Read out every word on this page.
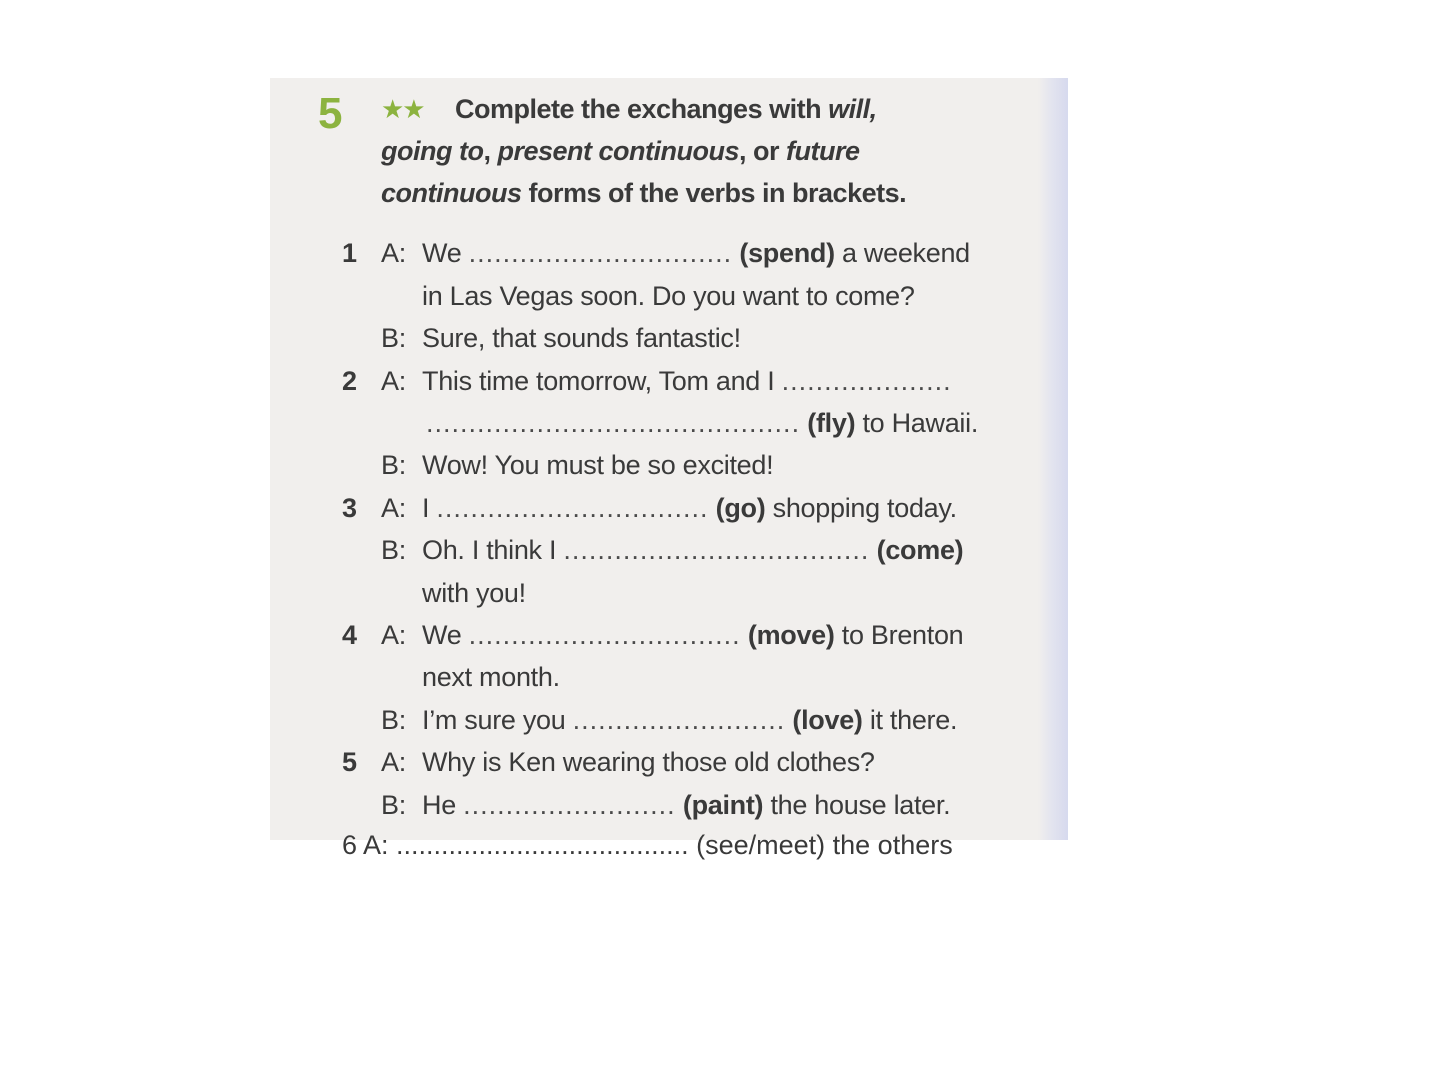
5 ★★ Complete the exchanges with will,
going to, present continuous, or future
continuous forms of the verbs in brackets.
1 A: We ............................... (spend) a weekend
in Las Vegas soon. Do you want to come?
B: Sure, that sounds fantastic!
2 A: This time tomorrow, Tom and I ....................
............................................ (fly) to Hawaii.
B: Wow! You must be so excited!
3 A: I ................................ (go) shopping today.
B: Oh. I think I .................................... (come)
with you!
4 A: We ................................ (move) to Brenton
next month.
B: I’m sure you ......................... (love) it there.
5 A: Why is Ken wearing those old clothes?
B: He ......................... (paint) the house later.
6 A: ....................................... (see/meet) the others
